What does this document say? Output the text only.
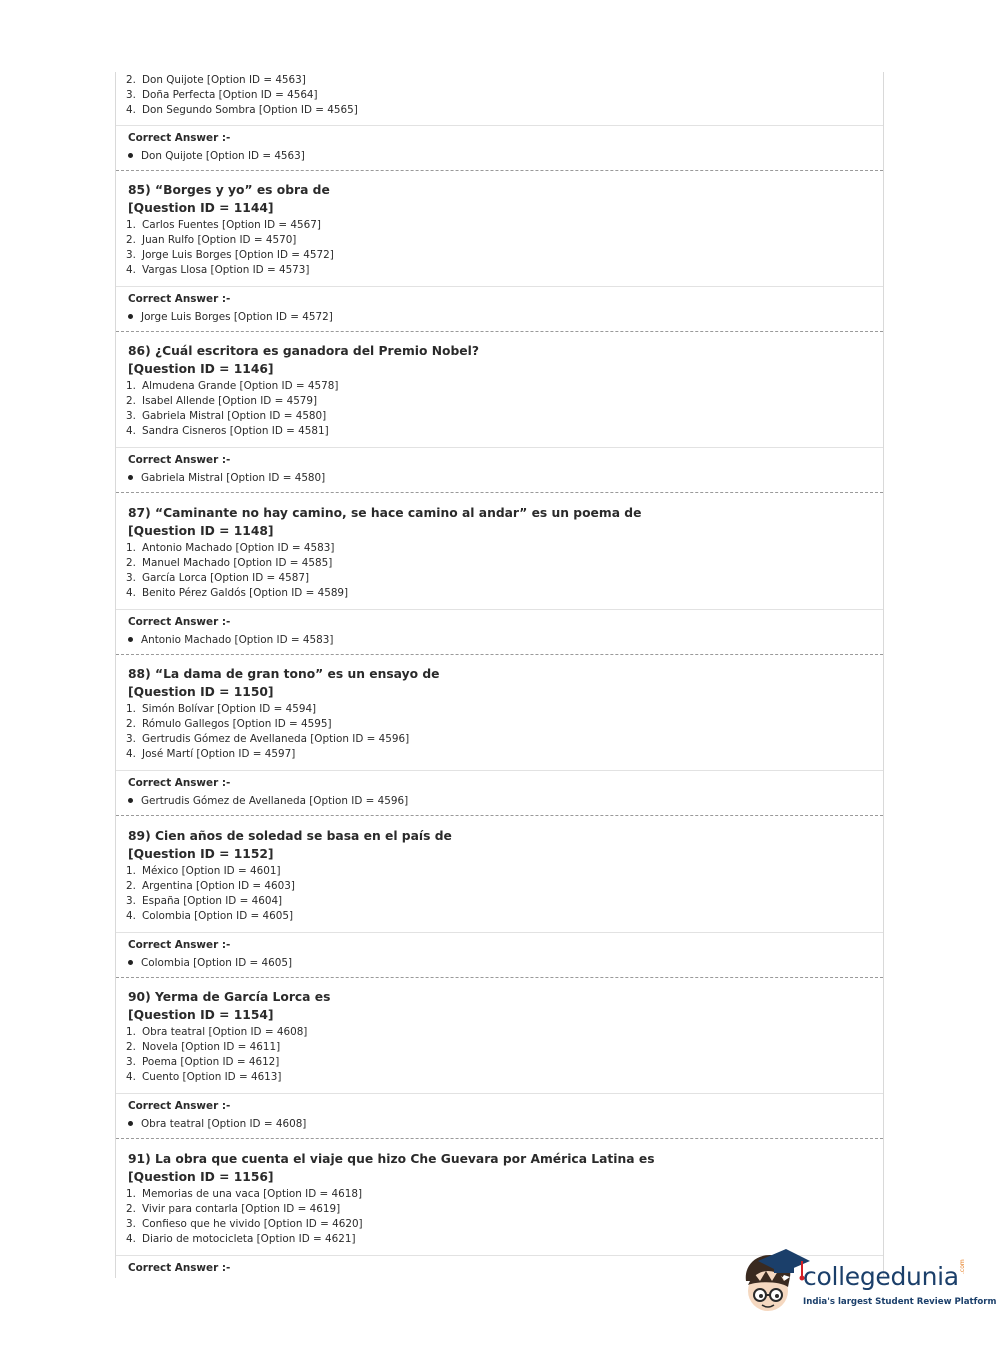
2. Don Quijote [Option ID = 4563]
3. Doña Perfecta [Option ID = 4564]
4. Don Segundo Sombra [Option ID = 4565]
Correct Answer :-
Don Quijote [Option ID = 4563]
85) “Borges y yo” es obra de
[Question ID = 1144]
1. Carlos Fuentes [Option ID = 4567]
2. Juan Rulfo [Option ID = 4570]
3. Jorge Luis Borges [Option ID = 4572]
4. Vargas Llosa [Option ID = 4573]
Correct Answer :-
Jorge Luis Borges [Option ID = 4572]
86) ¿Cuál escritora es ganadora del Premio Nobel?
[Question ID = 1146]
1. Almudena Grande [Option ID = 4578]
2. Isabel Allende [Option ID = 4579]
3. Gabriela Mistral [Option ID = 4580]
4. Sandra Cisneros [Option ID = 4581]
Correct Answer :-
Gabriela Mistral [Option ID = 4580]
87) “Caminante no hay camino, se hace camino al andar” es un poema de
[Question ID = 1148]
1. Antonio Machado [Option ID = 4583]
2. Manuel Machado [Option ID = 4585]
3. García Lorca [Option ID = 4587]
4. Benito Pérez Galdós [Option ID = 4589]
Correct Answer :-
Antonio Machado [Option ID = 4583]
88) “La dama de gran tono” es un ensayo de
[Question ID = 1150]
1. Simón Bolívar [Option ID = 4594]
2. Rómulo Gallegos [Option ID = 4595]
3. Gertrudis Gómez de Avellaneda [Option ID = 4596]
4. José Martí [Option ID = 4597]
Correct Answer :-
Gertrudis Gómez de Avellaneda [Option ID = 4596]
89) Cien años de soledad se basa en el país de
[Question ID = 1152]
1. México [Option ID = 4601]
2. Argentina [Option ID = 4603]
3. España [Option ID = 4604]
4. Colombia [Option ID = 4605]
Correct Answer :-
Colombia [Option ID = 4605]
90) Yerma de García Lorca es
[Question ID = 1154]
1. Obra teatral [Option ID = 4608]
2. Novela [Option ID = 4611]
3. Poema [Option ID = 4612]
4. Cuento [Option ID = 4613]
Correct Answer :-
Obra teatral [Option ID = 4608]
91) La obra que cuenta el viaje que hizo Che Guevara por América Latina es
[Question ID = 1156]
1. Memorias de una vaca [Option ID = 4618]
2. Vivir para contarla [Option ID = 4619]
3. Confieso que he vivido [Option ID = 4620]
4. Diario de motocicleta [Option ID = 4621]
Correct Answer :-	collegedunia .com
India's largest Student Review Platform
